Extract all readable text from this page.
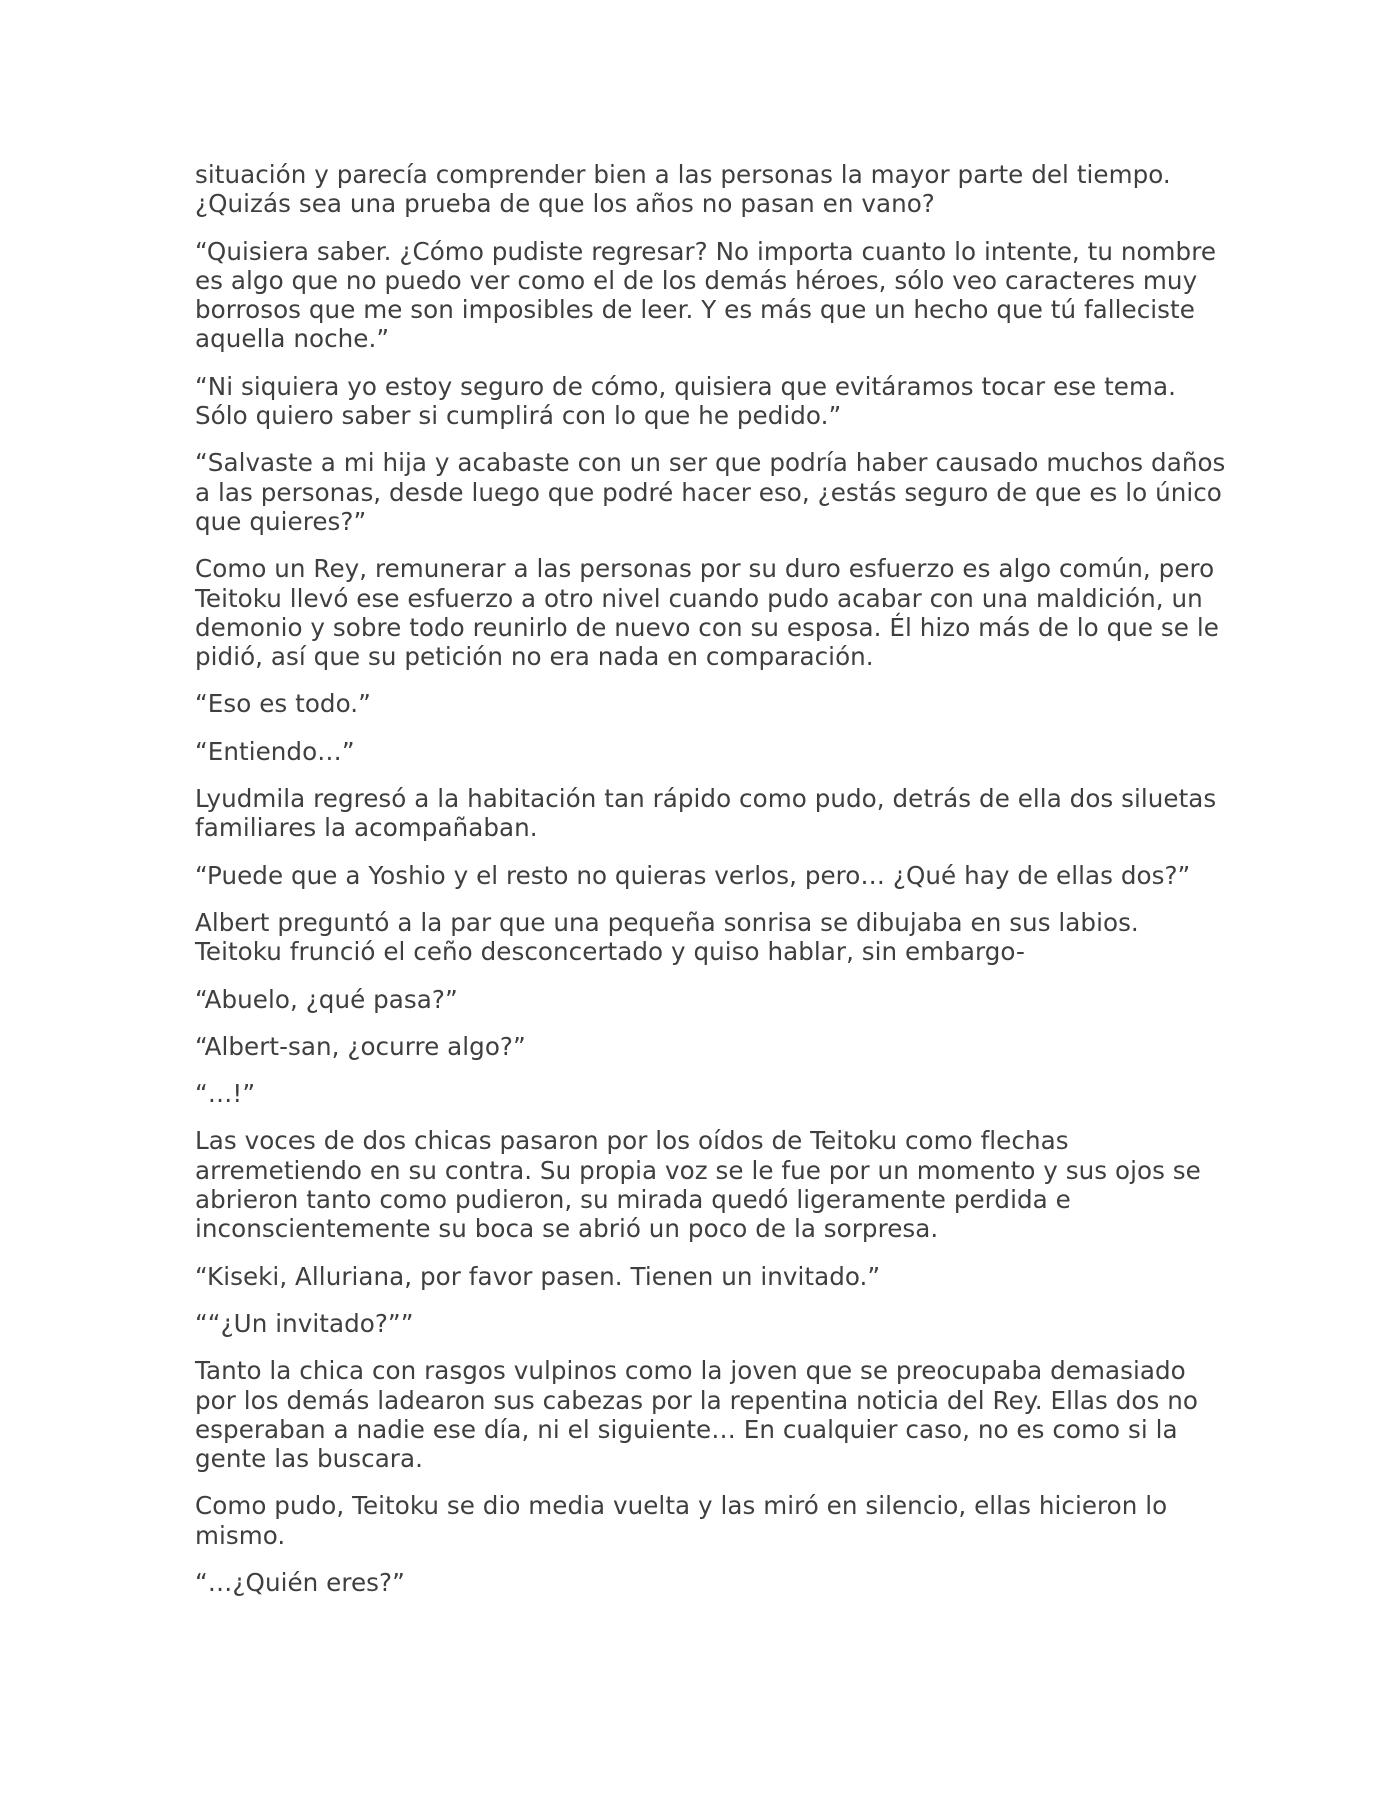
situación y parecía comprender bien a las personas la mayor parte del tiempo. ¿Quizás sea una prueba de que los años no pasan en vano?

“Quisiera saber. ¿Cómo pudiste regresar? No importa cuanto lo intente, tu nombre es algo que no puedo ver como el de los demás héroes, sólo veo caracteres muy borrosos que me son imposibles de leer. Y es más que un hecho que tú falleciste aquella noche.”

“Ni siquiera yo estoy seguro de cómo, quisiera que evitáramos tocar ese tema. Sólo quiero saber si cumplirá con lo que he pedido.”

“Salvaste a mi hija y acabaste con un ser que podría haber causado muchos daños a las personas, desde luego que podré hacer eso, ¿estás seguro de que es lo único que quieres?”

Como un Rey, remunerar a las personas por su duro esfuerzo es algo común, pero Teitoku llevó ese esfuerzo a otro nivel cuando pudo acabar con una maldición, un demonio y sobre todo reunirlo de nuevo con su esposa. Él hizo más de lo que se le pidió, así que su petición no era nada en comparación.

“Eso es todo.”

“Entiendo…”

Lyudmila regresó a la habitación tan rápido como pudo, detrás de ella dos siluetas familiares la acompañaban.

“Puede que a Yoshio y el resto no quieras verlos, pero… ¿Qué hay de ellas dos?”

Albert preguntó a la par que una pequeña sonrisa se dibujaba en sus labios. Teitoku frunció el ceño desconcertado y quiso hablar, sin embargo-

“Abuelo, ¿qué pasa?”

“Albert-san, ¿ocurre algo?”

“…!”

Las voces de dos chicas pasaron por los oídos de Teitoku como flechas arremetiendo en su contra. Su propia voz se le fue por un momento y sus ojos se abrieron tanto como pudieron, su mirada quedó ligeramente perdida e inconscientemente su boca se abrió un poco de la sorpresa.

“Kiseki, Alluriana, por favor pasen. Tienen un invitado.”

““¿Un invitado?””

Tanto la chica con rasgos vulpinos como la joven que se preocupaba demasiado por los demás ladearon sus cabezas por la repentina noticia del Rey. Ellas dos no esperaban a nadie ese día, ni el siguiente… En cualquier caso, no es como si la gente las buscara.

Como pudo, Teitoku se dio media vuelta y las miró en silencio, ellas hicieron lo mismo.

“…¿Quién eres?”
